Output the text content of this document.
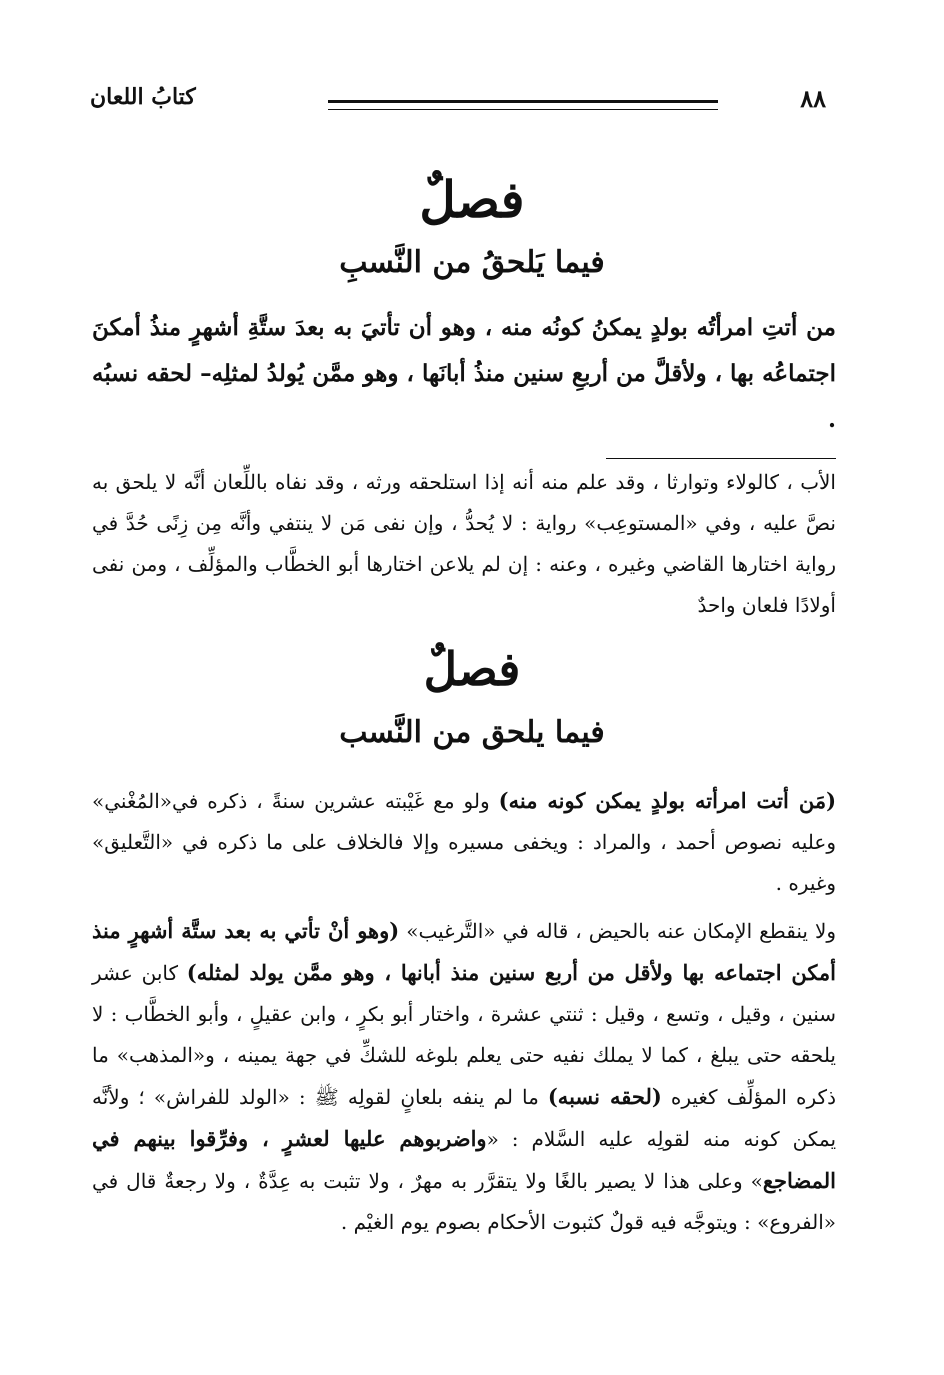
٨٨
كتابُ اللعان
فصلٌ
فيما يَلحقُ من النَّسبِ
من أتتِ امرأتُه بولدٍ يمكنُ كونُه منه ، وهو أن تأتيَ به بعدَ ستَّةِ أشهرٍ منذُ أمكنَ اجتماعُه بها ، ولأقلَّ من أربعِ سنين منذُ أبانَها ، وهو ممَّن يُولدُ لمثلِه– لحقه نسبُه .
الأب ، كالولاء وتوارثا ، وقد علم منه أنه إذا استلحقه ورثه ، وقد نفاه باللِّعان أنَّه لا يلحق به نصَّ عليه ، وفي «المستوعِب» رواية : لا يُحدُّ ، وإن نفى مَن لا ينتفي وأنَّه مِن زِنًى حُدَّ في رواية اختارها القاضي وغيره ، وعنه : إن لم يلاعن اختارها أبو الخطَّاب والمؤلِّف ، ومن نفى أولادًا فلعان واحدٌ
فصلٌ
فيما يلحق من النَّسب

(مَن أتت امرأته بولدٍ يمكن كونه منه) ولو مع غَيْبته عشرين سنةً ، ذكره في«المُغْني» وعليه نصوص أحمد ، والمراد : ويخفى مسيره وإلا فالخلاف على ما ذكره في «التَّعليق» وغيره .

ولا ينقطع الإمكان عنه بالحيض ، قاله في «التَّرغيب» (وهو أنْ تأتي به بعد ستَّة أشهرٍ منذ أمكن اجتماعه بها ولأقل من أربع سنين منذ أبانها ، وهو ممَّن يولد لمثله) كابن عشر سنين ، وقيل ، وتسع ، وقيل : ثنتي عشرة ، واختار أبو بكرٍ ، وابن عقيلٍ ، وأبو الخطَّاب : لا يلحقه حتى يبلغ ، كما لا يملك نفيه حتى يعلم بلوغه للشكِّ في جهة يمينه ، و«المذهب» ما ذكره المؤلِّف كغيره (لحقه نسبه) ما لم ينفه بلعانٍ لقولِه ﷺ : «الولد للفراش» ؛ ولأنَّه يمكن كونه منه لقولِه عليه السَّلام : «واضربوهم عليها لعشرٍ ، وفرِّقوا بينهم في المضاجع» وعلى هذا لا يصير بالغًا ولا يتقرَّر به مهرٌ ، ولا تثبت به عِدَّةٌ ، ولا رجعةٌ قال في «الفروع» : ويتوجَّه فيه قولٌ كثبوت الأحكام بصوم يوم الغيْم .
